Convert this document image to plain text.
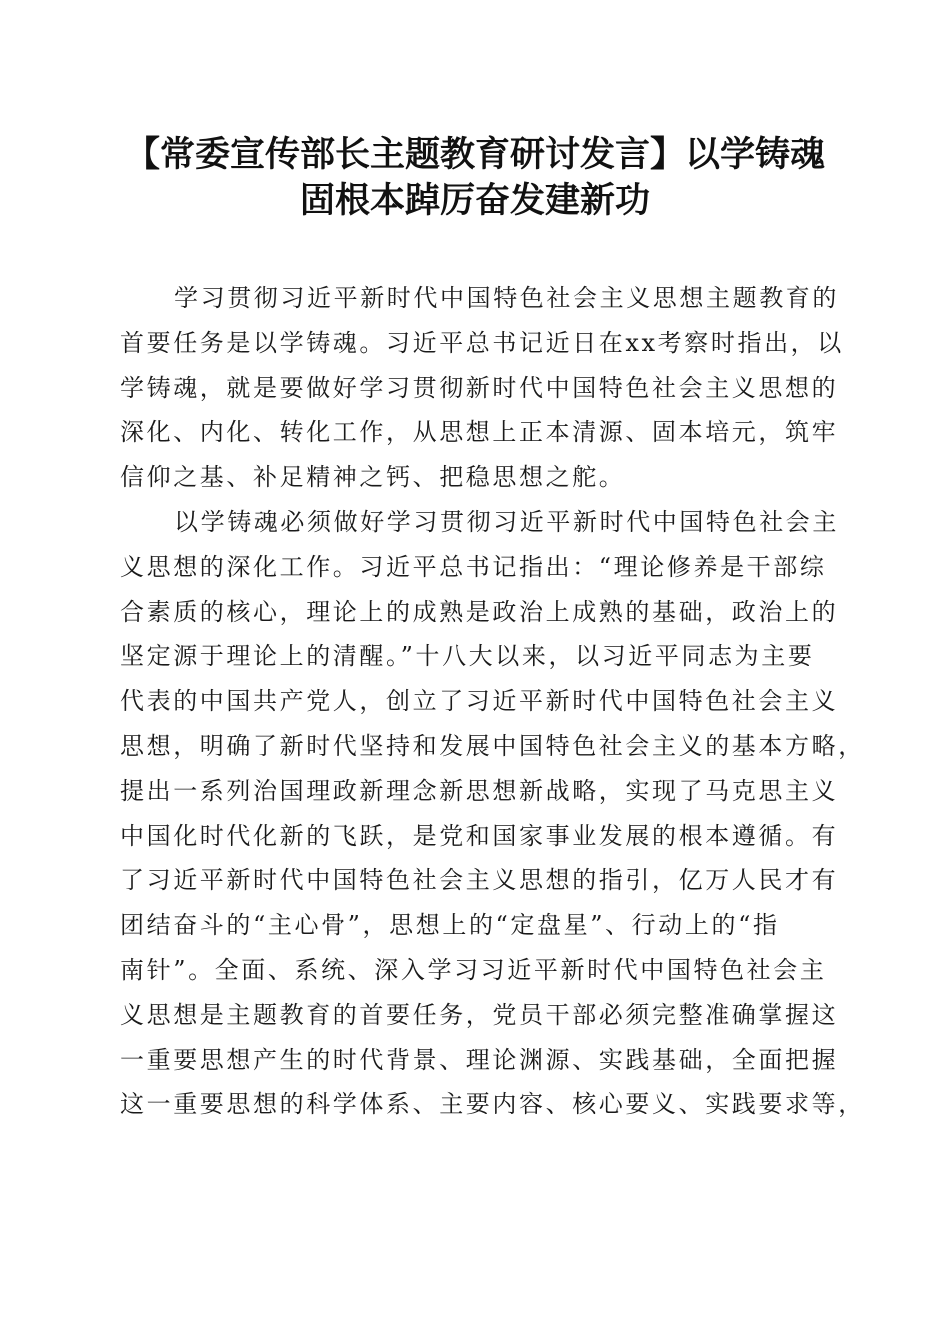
【常委宣传部长主题教育研讨发言】以学铸魂
固根本踔厉奋发建新功
学习贯彻习近平新时代中国特色社会主义思想主题教育的
首要任务是以学铸魂。习近平总书记近日在xx考察时指出，以
学铸魂，就是要做好学习贯彻新时代中国特色社会主义思想的
深化、内化、转化工作，从思想上正本清源、固本培元，筑牢
信仰之基、补足精神之钙、把稳思想之舵。
以学铸魂必须做好学习贯彻习近平新时代中国特色社会主
义思想的深化工作。习近平总书记指出：“理论修养是干部综
合素质的核心，理论上的成熟是政治上成熟的基础，政治上的
坚定源于理论上的清醒。”十八大以来，以习近平同志为主要
代表的中国共产党人，创立了习近平新时代中国特色社会主义
思想，明确了新时代坚持和发展中国特色社会主义的基本方略，
提出一系列治国理政新理念新思想新战略，实现了马克思主义
中国化时代化新的飞跃，是党和国家事业发展的根本遵循。有
了习近平新时代中国特色社会主义思想的指引，亿万人民才有
团结奋斗的“主心骨”，思想上的“定盘星”、行动上的“指
南针”。全面、系统、深入学习习近平新时代中国特色社会主
义思想是主题教育的首要任务，党员干部必须完整准确掌握这
一重要思想产生的时代背景、理论渊源、实践基础，全面把握
这一重要思想的科学体系、主要内容、核心要义、实践要求等，
